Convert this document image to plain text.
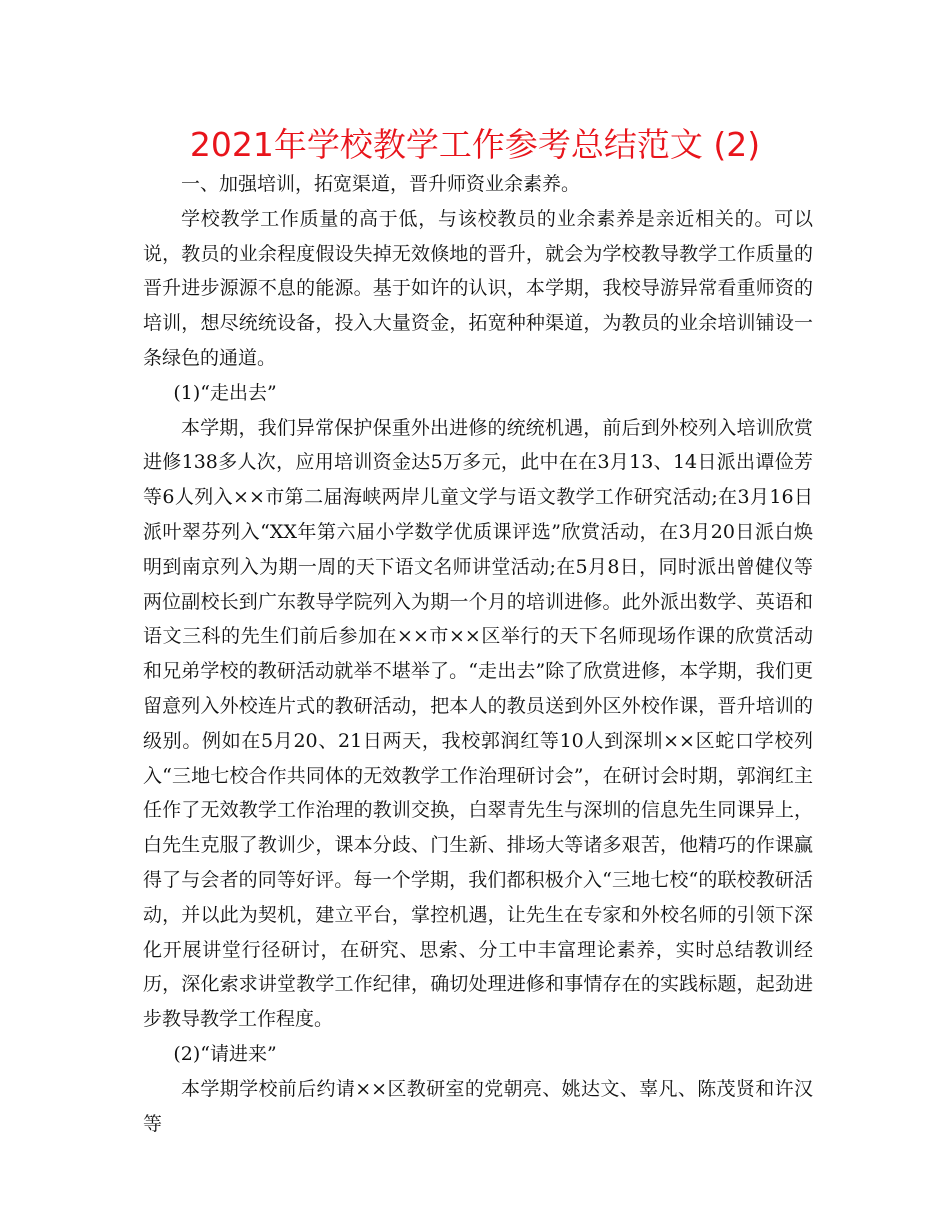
2021年学校教学工作参考总结范文 (2)

一、加强培训，拓宽渠道，晋升师资业余素养。

学校教学工作质量的高于低，与该校教员的业余素养是亲近相关的。可以说，教员的业余程度假设失掉无效倏地的晋升，就会为学校教导教学工作质量的晋升进步源源不息的能源。基于如许的认识，本学期，我校导游异常看重师资的培训，想尽统统设备，投入大量资金，拓宽种种渠道，为教员的业余培训铺设一条绿色的通道。

(1)“走出去”

本学期，我们异常保护保重外出进修的统统机遇，前后到外校列入培训欣赏进修138多人次，应用培训资金达5万多元，此中在在3月13、14日派出谭俭芳等6人列入××市第二届海峡两岸儿童文学与语文教学工作研究活动;在3月16日派叶翠芬列入“XX年第六届小学数学优质课评选”欣赏活动，在3月20日派白焕明到南京列入为期一周的天下语文名师讲堂活动;在5月8日，同时派出曾健仪等两位副校长到广东教导学院列入为期一个月的培训进修。此外派出数学、英语和语文三科的先生们前后参加在××市××区举行的天下名师现场作课的欣赏活动和兄弟学校的教研活动就举不堪举了。“走出去”除了欣赏进修，本学期，我们更留意列入外校连片式的教研活动，把本人的教员送到外区外校作课，晋升培训的级别。例如在5月20、21日两天，我校郭润红等10人到深圳××区蛇口学校列入“三地七校合作共同体的无效教学工作治理研讨会”，在研讨会时期，郭润红主任作了无效教学工作治理的教训交换，白翠青先生与深圳的信息先生同课异上，白先生克服了教训少，课本分歧、门生新、排场大等诸多艰苦，他精巧的作课赢得了与会者的同等好评。每一个学期，我们都积极介入“三地七校“的联校教研活动，并以此为契机，建立平台，掌控机遇，让先生在专家和外校名师的引领下深化开展讲堂行径研讨，在研究、思索、分工中丰富理论素养，实时总结教训经历，深化索求讲堂教学工作纪律，确切处理进修和事情存在的实践标题，起劲进步教导教学工作程度。

(2)“请进来”

本学期学校前后约请××区教研室的党朝亮、姚达文、辜凡、陈茂贤和许汉等
